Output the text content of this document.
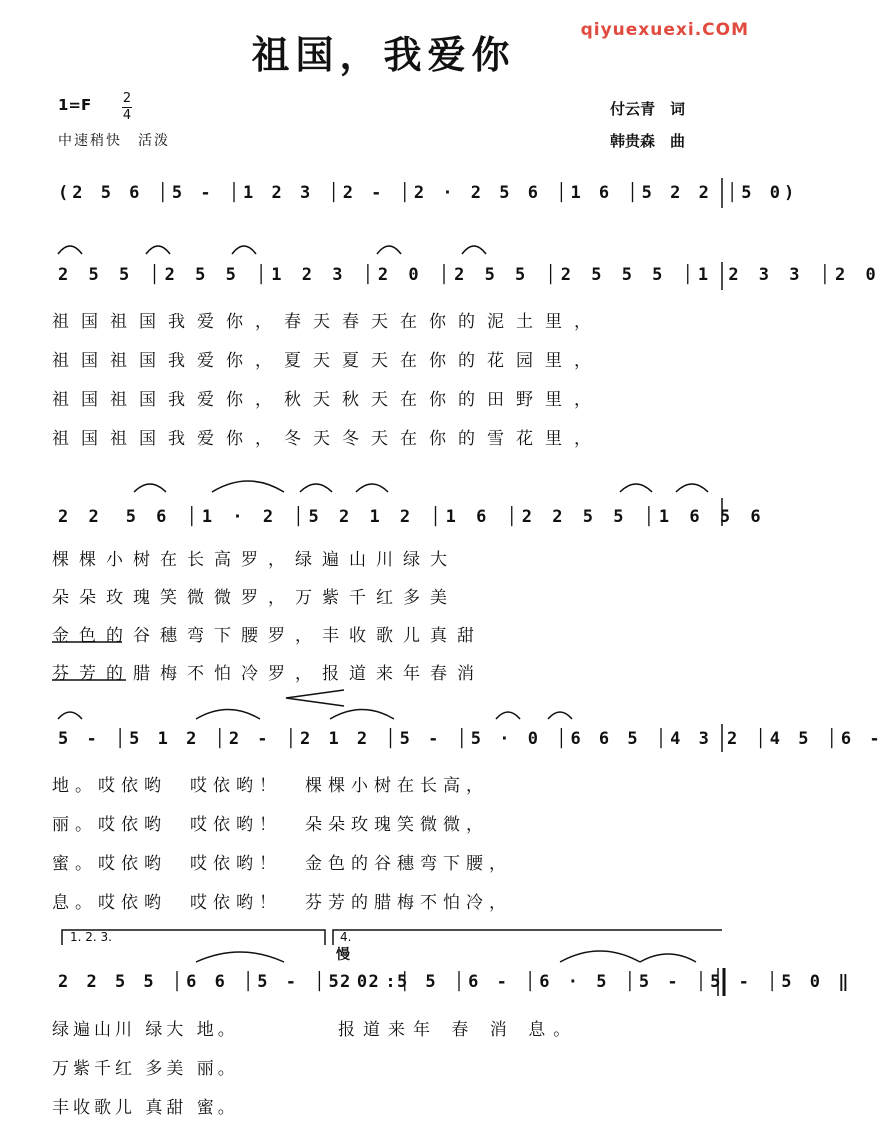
qiyuexuexi.COM
祖国，我爱你
1=F 2
4
中速稍快　活泼
付云青　词
韩贵森　曲
(2 5 6 │5 - │1 2 3 │2 - │2 · 2 5 6 │1 6 │5 2 2 │5 0)
2 5 5 │2 5 5 │1 2 3 │2 0 │2 5 5 │2 5 5 5 │1 2 3 3 │2 0
祖国祖国我爱你，春天春天在你的泥土里，
祖国祖国我爱你，夏天夏天在你的花园里，
祖国祖国我爱你，秋天秋天在你的田野里，
祖国祖国我爱你，冬天冬天在你的雪花里，
2 2　5 6 │1 · 2 │5 2 1 2 │1 6 │2 2 5 5 │1 6 5 6
棵棵小树在长高罗，绿遍山川绿大
朵朵玫瑰笑微微罗，万紫千红多美
金色的谷穗弯下腰罗，丰收歌儿真甜
芬芳的腊梅不怕冷罗，报道来年春消
5 - │5 1 2 │2 - │2 1 2 │5 - │5 · 0 │6 6 5 │4 3 2 │4 5 │6 -
地。哎依哟　哎依哟！　棵棵小树在长高，
丽。哎依哟　哎依哟！　朵朵玫瑰笑微微，
蜜。哎依哟　哎依哟！　金色的谷穗弯下腰，
息。哎依哟　哎依哟！　芬芳的腊梅不怕冷，
1. 2. 3.	4.
慢
2 2 5 5 │6 6 │5 - │5 0 :│
2 2 5 5 │6 - │6 · 5 │5 - │5 - │5 0 ‖
绿遍山川 绿大 地。
万紫千红 多美 丽。
丰收歌儿 真甜 蜜。
报道来年 春 消 息。
